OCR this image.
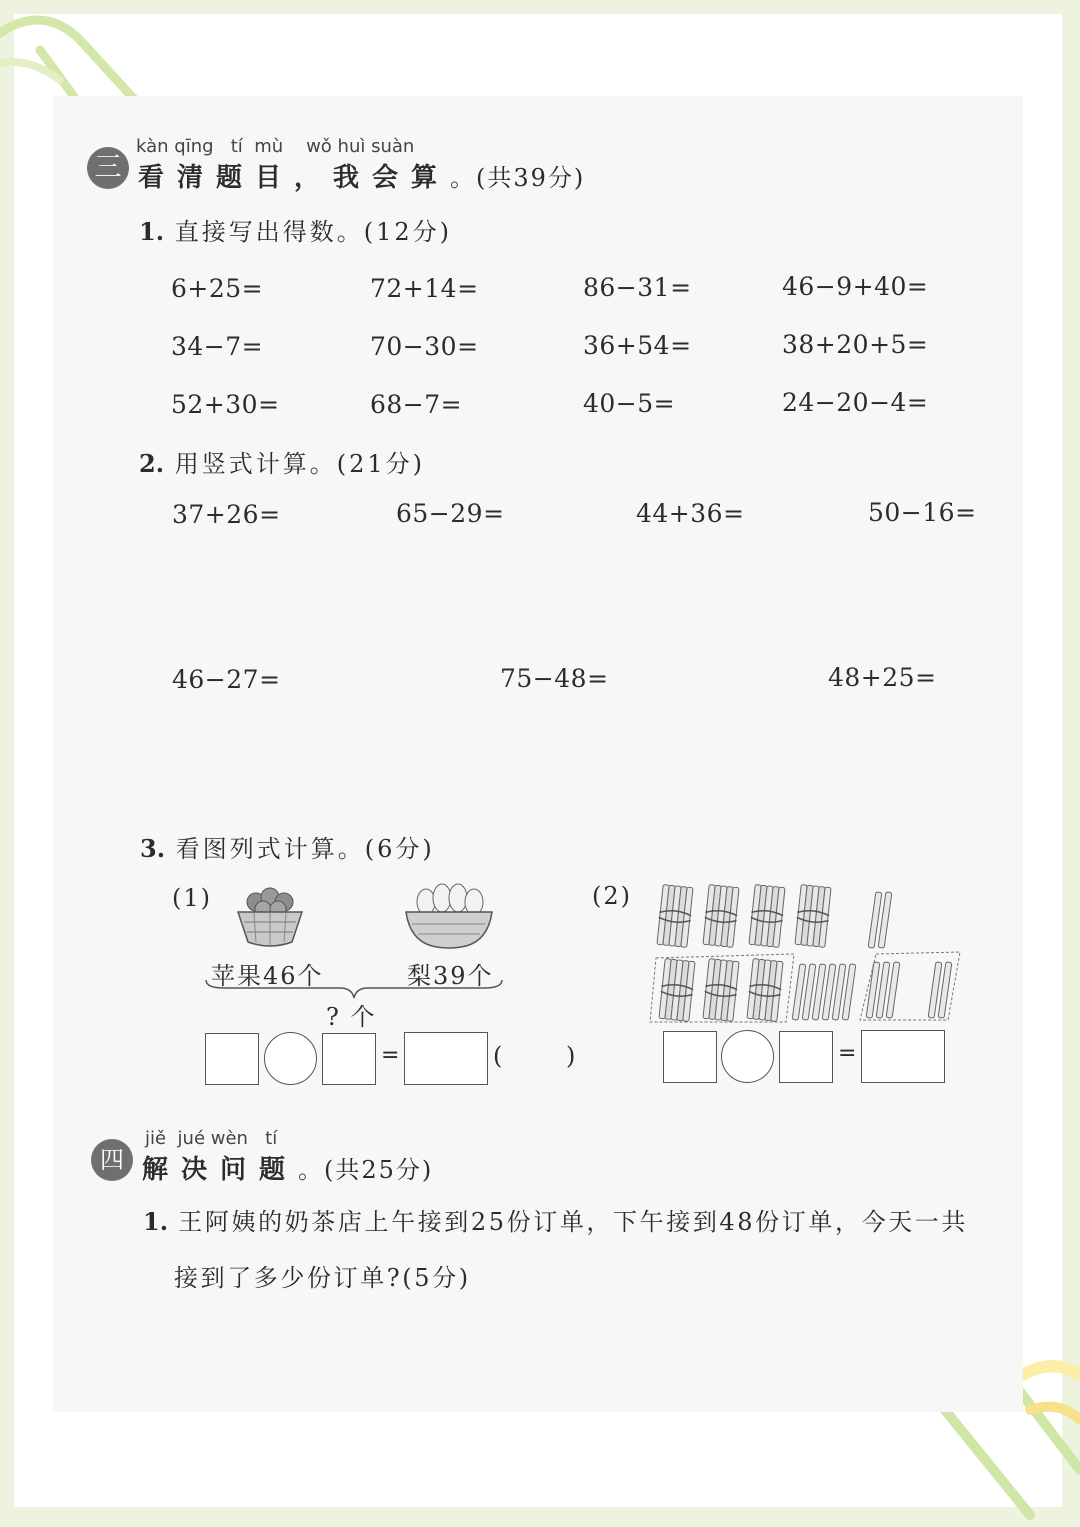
三
kàn qīng tí mù wǒ huì suàn
看清题目，我会算。(共39分)
1. 直接写出得数。(12分)
6+25=	72+14=	86−31=	46−9+40=
34−7=	70−30=	36+54=	38+20+5=
52+30=	68−7=	40−5=	24−20−4=
2. 用竖式计算。(21分)
37+26=	65−29=	44+36=	50−16=
46−27=	75−48=	48+25=
3. 看图列式计算。(6分)
(1)
苹果46个	梨39个
? 个
=	(	)
(2)
=
四
jiě jué wèn tí
解决问题。(共25分)
1. 王阿姨的奶茶店上午接到25份订单，下午接到48份订单，今天一共
接到了多少份订单?(5分)
